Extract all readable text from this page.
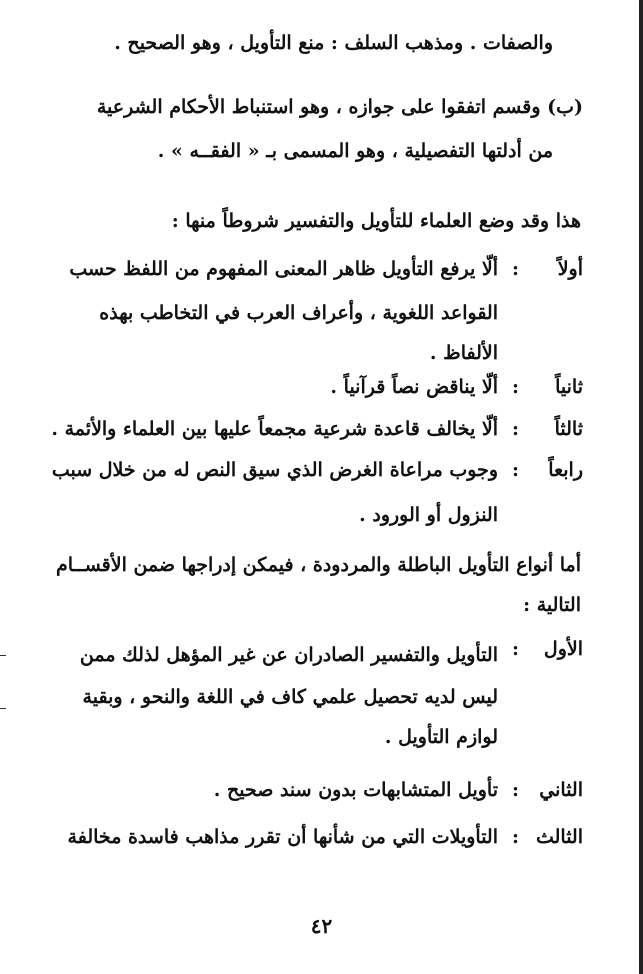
والصفات . ومذهب السلف : منع التأويل ، وهو الصحيح .
(ب) وقسم اتفقوا على جوازه ، وهو استنباط الأحكام الشرعية
من أدلتها التفصيلية ، وهو المسمى بـ « الفقــه » .
هذا وقد وضع العلماء للتأويل والتفسير شروطاً منها :
أولاً
:
ألّا يرفع التأويل ظاهر المعنى المفهوم من اللفظ حسب
القواعد اللغوية ، وأعراف العرب في التخاطب بهذه
الألفاظ .
ثانياً
:
ألّا يناقض نصاً قرآنياً .
ثالثاً
:
ألّا يخالف قاعدة شرعية مجمعاً عليها بين العلماء والأئمة .
رابعاً
:
وجوب مراعاة الغرض الذي سيق النص له من خلال سبب
النزول أو الورود .
أما أنواع التأويل الباطلة والمردودة ، فيمكن إدراجها ضمن الأقســام
التالية :
الأول
:
التأويل والتفسير الصادران عن غير المؤهل لذلك ممن
ليس لديه تحصيل علمي كاف في اللغة والنحو ، وبقية
لوازم التأويل .
الثاني
:
تأويل المتشابهات بدون سند صحيح .
الثالث
:
التأويلات التي من شأنها أن تقرر مذاهب فاسدة مخالفة
٤٢
